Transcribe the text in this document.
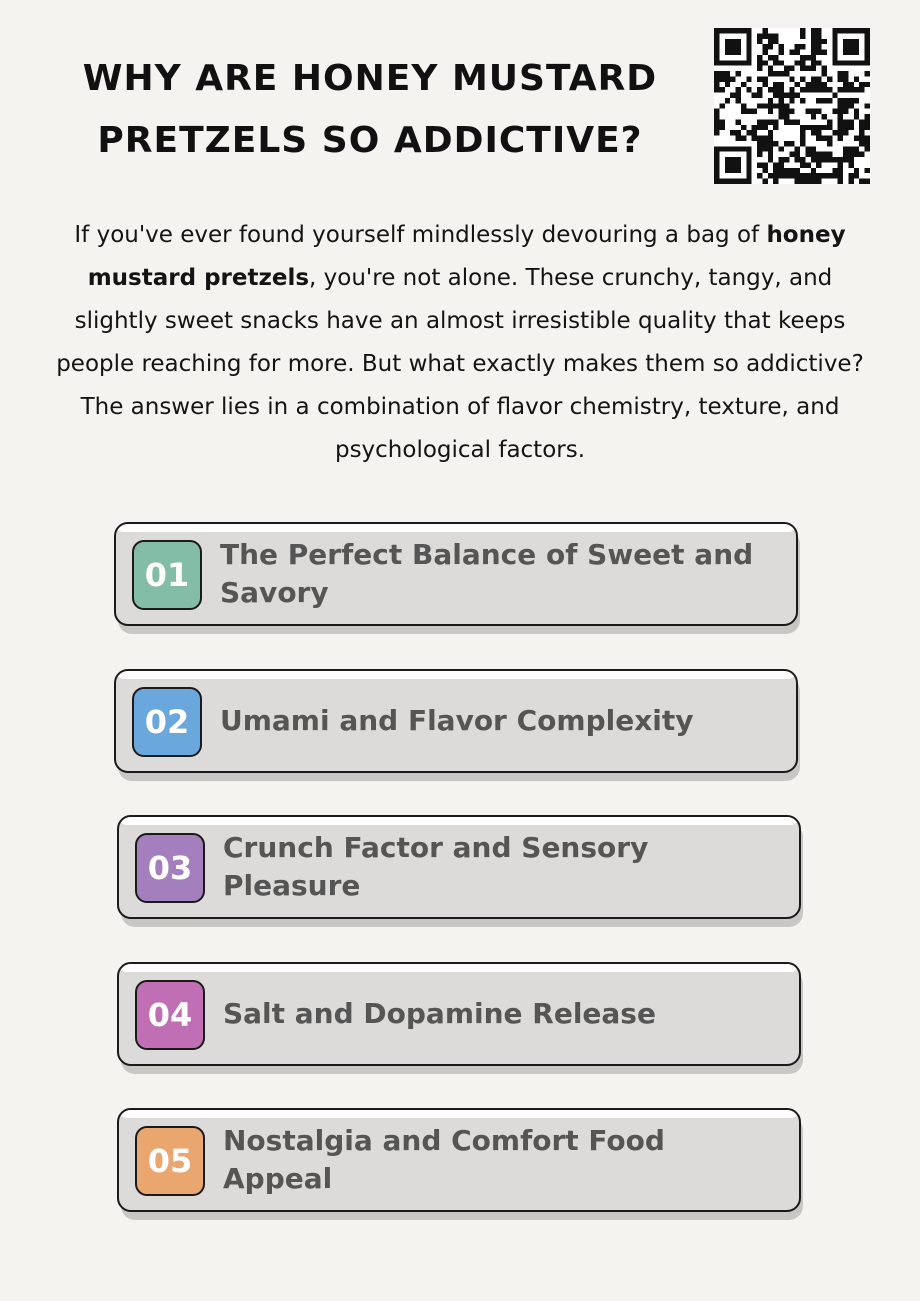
WHY ARE HONEY MUSTARD
PRETZELS SO ADDICTIVE?

If you've ever found yourself mindlessly devouring a bag of honey mustard pretzels, you're not alone. These crunchy, tangy, and slightly sweet snacks have an almost irresistible quality that keeps people reaching for more. But what exactly makes them so addictive? The answer lies in a combination of flavor chemistry, texture, and psychological factors.

01
The Perfect Balance of Sweet and Savory
02	Umami and Flavor Complexity
03
Crunch Factor and Sensory Pleasure
04	Salt and Dopamine Release
05
Nostalgia and Comfort Food Appeal
